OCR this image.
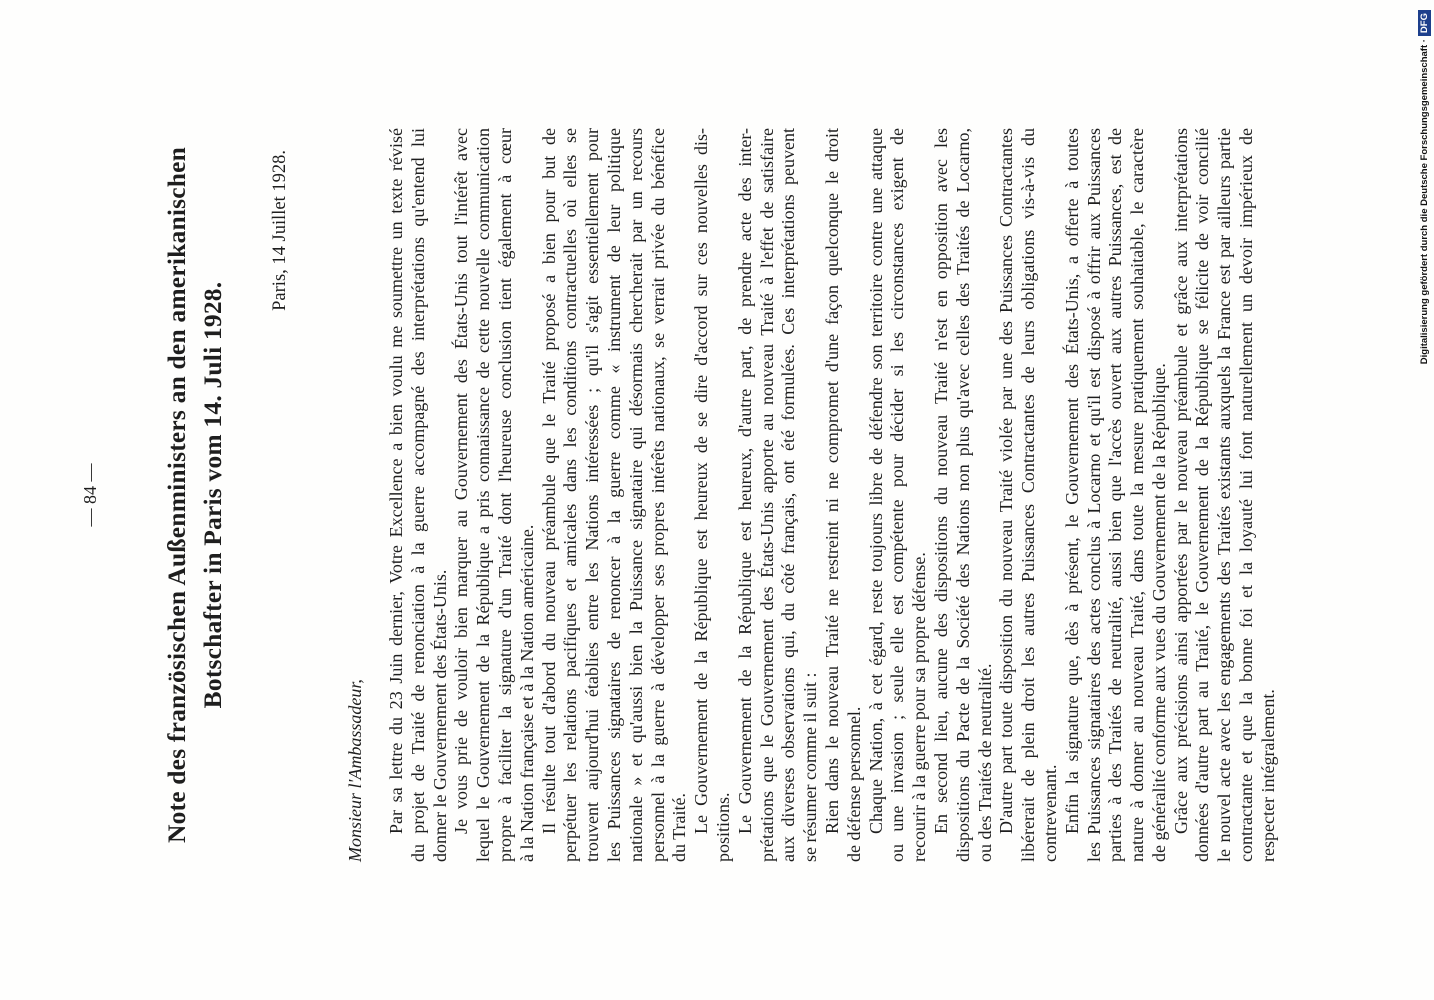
— 84 — Note des französischen Außenministers an den amerikanischen Botschafter in Paris vom 14. Juli 1928.
Paris, 14 Juillet 1928.
Monsieur l'Ambassadeur, Par sa lettre du 23 Juin dernier, Votre Excellence a bien voulu me soumettre un texte révisé du projet de Traité de renonciation à la guerre accompagné des interprétations qu'entend lui donner le Gouvernement des États-Unis. Je vous prie de vouloir bien marquer au Gouvernement des États-Unis tout l'intérêt avec lequel le Gouvernement de la République a pris connaissance de cette nouvelle communication propre à faciliter la signature d'un Traité dont l'heureuse conclusion tient également à cœur à la Nation française et à la Nation américaine. Il résulte tout d'abord du nouveau préambule que le Traité proposé a bien pour but de perpétuer les relations pacifiques et amicales dans les conditions contractuelles où elles se trouvent aujourd'hui établies entre les Nations intéressées ; qu'il s'agit essentiellement pour les Puissances signataires de renoncer à la guerre comme « instrument de leur politique nationale » et qu'aussi bien la Puissance signataire qui désormais chercherait par un recours personnel à la guerre à développer ses propres intérêts nationaux, se verrait privée du bénéfice du Traité. Le Gouvernement de la République est heureux de se dire d'accord sur ces nouvelles dis- positions. Le Gouvernement de la République est heureux, d'autre part, de prendre acte des inter- prétations que le Gouvernement des États-Unis apporte au nouveau Traité à l'effet de satisfaire aux diverses observations qui, du côté français, ont été formulées. Ces interprétations peuvent se résumer comme il suit : Rien dans le nouveau Traité ne restreint ni ne compromet d'une façon quelconque le droit de défense personnel. Chaque Nation, à cet égard, reste toujours libre de défendre son territoire contre une attaque ou une invasion ; seule elle est compétente pour décider si les circonstances exigent de recourir à la guerre pour sa propre défense. En second lieu, aucune des dispositions du nouveau Traité n'est en opposition avec les dispositions du Pacte de la Société des Nations non plus qu'avec celles des Traités de Locarno, ou des Traités de neutralité. D'autre part toute disposition du nouveau Traité violée par une des Puissances Contractantes libérerait de plein droit les autres Puissances Contractantes de leurs obligations vis-à-vis du contrevenant. Enfin la signature que, dès à présent, le Gouvernement des États-Unis, a offerte à toutes les Puissances signataires des actes conclus à Locarno et qu'il est disposé à offrir aux Puissances parties à des Traités de neutralité, aussi bien que l'accès ouvert aux autres Puissances, est de nature à donner au nouveau Traité, dans toute la mesure pratiquement souhaitable, le caractère de généralité conforme aux vues du Gouvernement de la République. Grâce aux précisions ainsi apportées par le nouveau préambule et grâce aux interprétations données d'autre part au Traité, le Gouvernement de la République se félicite de voir concilié le nouvel acte avec les engagements des Traités existants auxquels la France est par ailleurs partie contractante et que la bonne foi et la loyauté lui font naturellement un devoir impérieux de respecter intégralement.
Digitalisierung gefördert durch die Deutsche Forschungsgemeinschaft ·DFG
